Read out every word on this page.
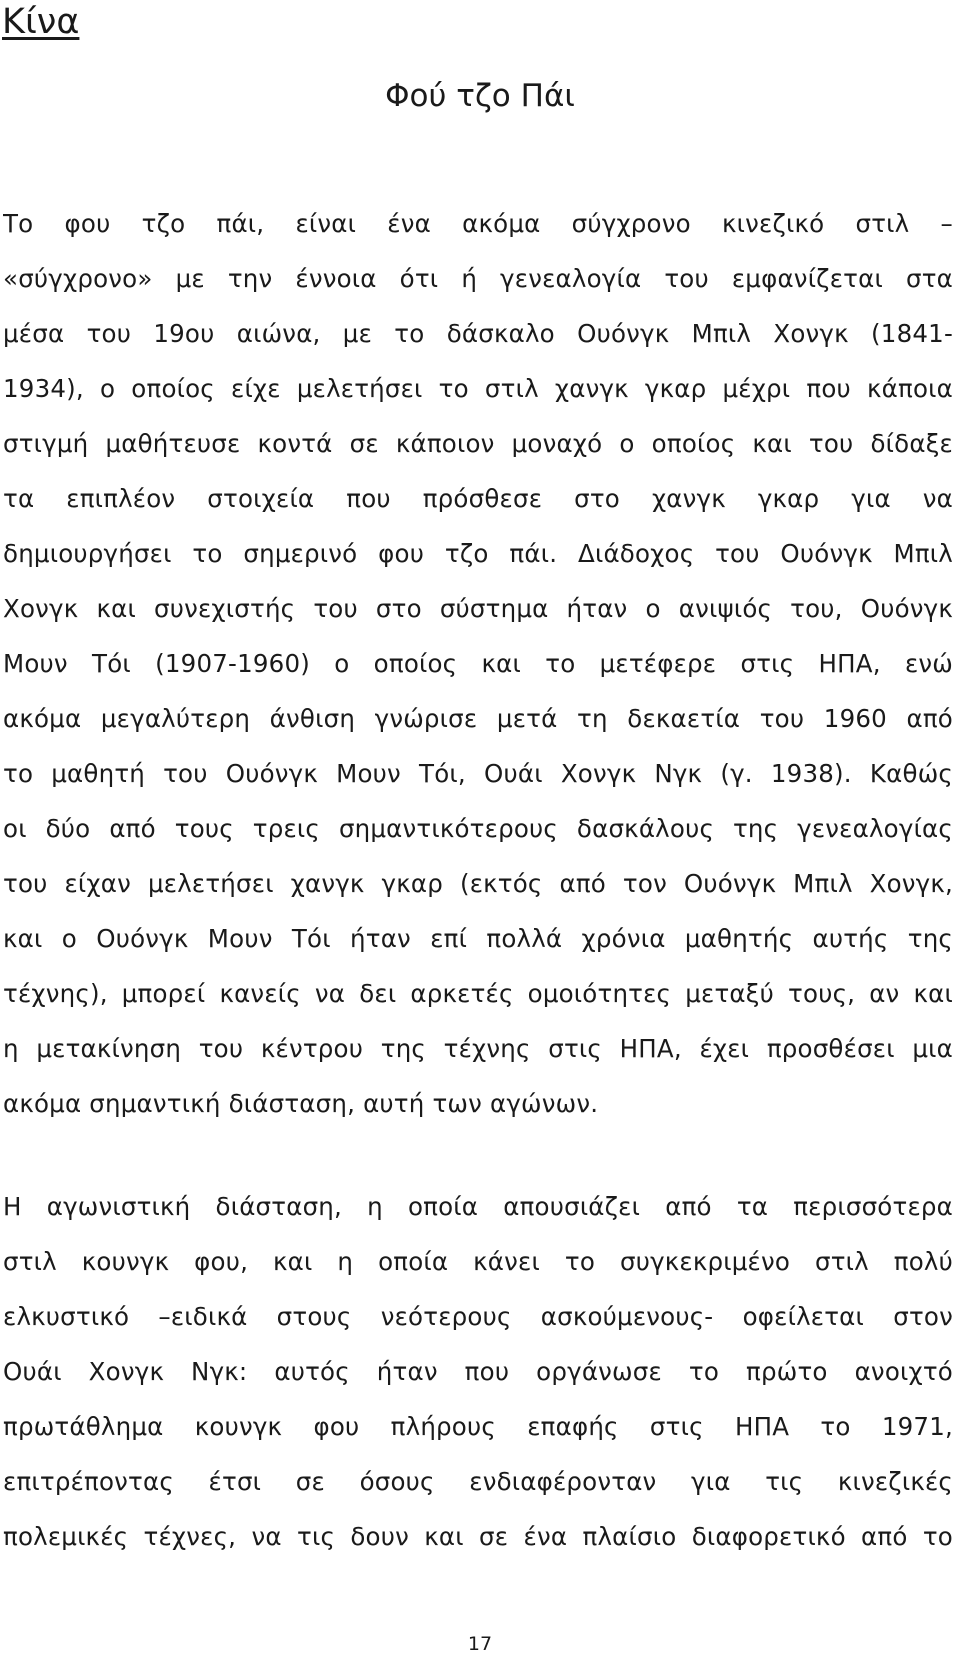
Κίνα
Φού τζο Πάι
Το φου τζο πάι, είναι ένα ακόμα σύγχρονο κινεζικό στιλ –
«σύγχρονο» με την έννοια ότι ή γενεαλογία του εμφανίζεται στα
μέσα του 19ου αιώνα, με το δάσκαλο Ουόνγκ Μπιλ Χονγκ (1841-
1934), ο οποίος είχε μελετήσει το στιλ χανγκ γκαρ μέχρι που κάποια
στιγμή μαθήτευσε κοντά σε κάποιον μοναχό ο οποίος και του δίδαξε
τα επιπλέον στοιχεία που πρόσθεσε στο χανγκ γκαρ για να
δημιουργήσει το σημερινό φου τζο πάι. Διάδοχος του Ουόνγκ Μπιλ
Χονγκ και συνεχιστής του στο σύστημα ήταν ο ανιψιός του, Ουόνγκ
Μουν Τόι (1907-1960) ο οποίος και το μετέφερε στις ΗΠΑ, ενώ
ακόμα μεγαλύτερη άνθιση γνώρισε μετά τη δεκαετία του 1960 από
το μαθητή του Ουόνγκ Μουν Τόι, Ουάι Χονγκ Νγκ (γ. 1938). Καθώς
οι δύο από τους τρεις σημαντικότερους δασκάλους της γενεαλογίας
του είχαν μελετήσει χανγκ γκαρ (εκτός από τον Ουόνγκ Μπιλ Χονγκ,
και ο Ουόνγκ Μουν Τόι ήταν επί πολλά χρόνια μαθητής αυτής της
τέχνης), μπορεί κανείς να δει αρκετές ομοιότητες μεταξύ τους, αν και
η μετακίνηση του κέντρου της τέχνης στις ΗΠΑ, έχει προσθέσει μια
ακόμα σημαντική διάσταση, αυτή των αγώνων.
Η αγωνιστική διάσταση, η οποία απουσιάζει από τα περισσότερα
στιλ κουνγκ φου, και η οποία κάνει το συγκεκριμένο στιλ πολύ
ελκυστικό –ειδικά στους νεότερους ασκούμενους- οφείλεται στον
Ουάι Χονγκ Νγκ: αυτός ήταν που οργάνωσε το πρώτο ανοιχτό
πρωτάθλημα κουνγκ φου πλήρους επαφής στις ΗΠΑ το 1971,
επιτρέποντας έτσι σε όσους ενδιαφέρονταν για τις κινεζικές
πολεμικές τέχνες, να τις δουν και σε ένα πλαίσιο διαφορετικό από το
17
